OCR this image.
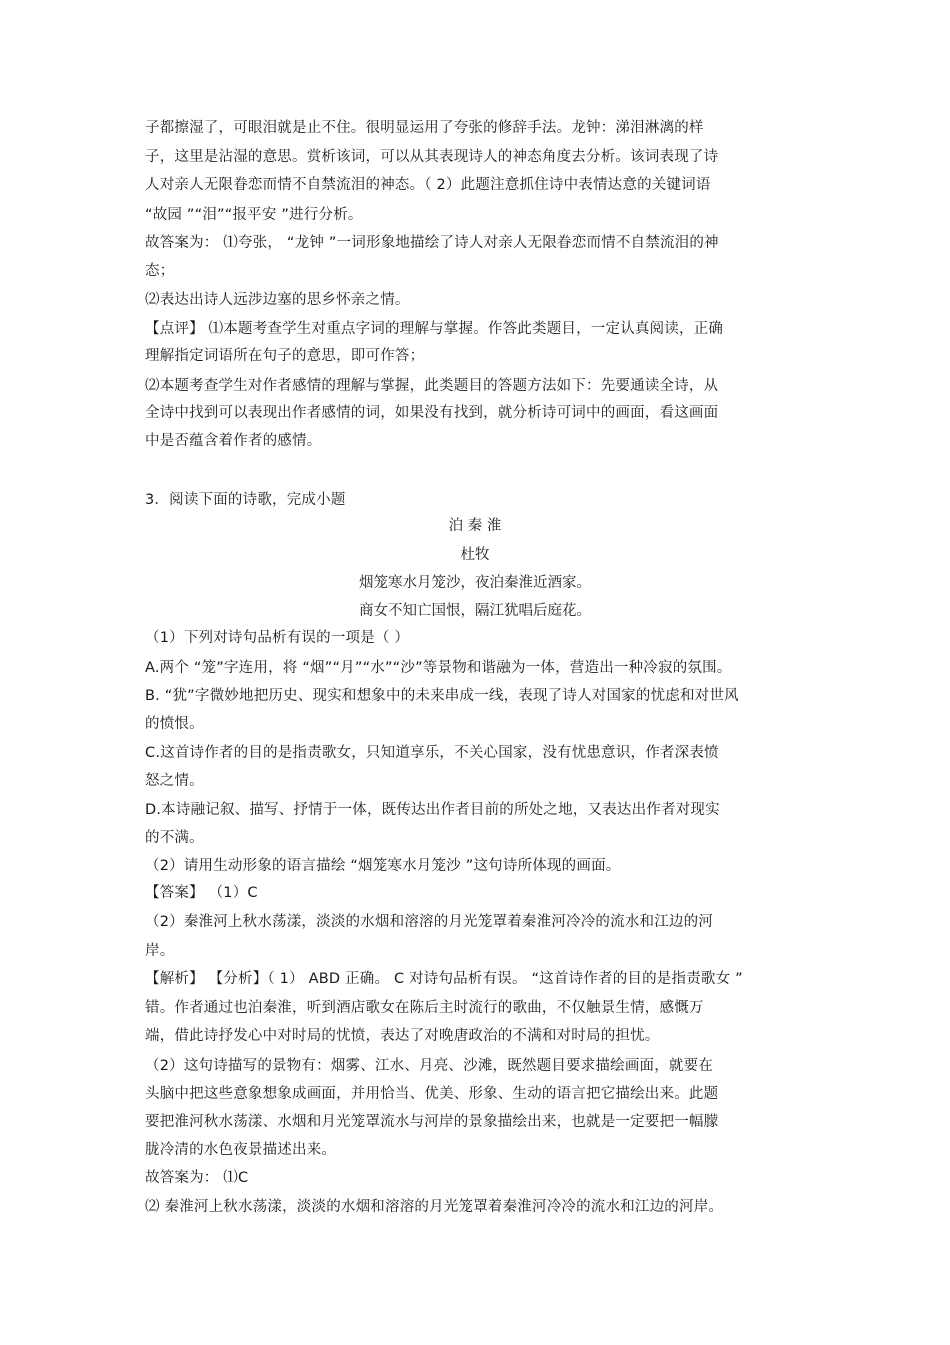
子都擦湿了，可眼泪就是止不住。很明显运用了夸张的修辞手法。龙钟：涕泪淋漓的样
子，这里是沾湿的意思。赏析该词，可以从其表现诗人的神态角度去分析。该词表现了诗
人对亲人无限眷恋而情不自禁流泪的神态。（ 2）此题注意抓住诗中表情达意的关键词语
“故园 ”“泪”“报平安 ”进行分析。
故答案为： ⑴夸张， “龙钟 ”一词形象地描绘了诗人对亲人无限眷恋而情不自禁流泪的神
态；
⑵表达出诗人远涉边塞的思乡怀亲之情。
【点评】 ⑴本题考查学生对重点字词的理解与掌握。作答此类题目，一定认真阅读，正确
理解指定词语所在句子的意思，即可作答；
⑵本题考查学生对作者感情的理解与掌握，此类题目的答题方法如下：先要通读全诗，从
全诗中找到可以表现出作者感情的词，如果没有找到，就分析诗可词中的画面，看这画面
中是否蕴含着作者的感情。
3．阅读下面的诗歌，完成小题
泊 秦 淮
杜牧
烟笼寒水月笼沙，夜泊秦淮近酒家。
商女不知亡国恨，隔江犹唱后庭花。
（1）下列对诗句品析有误的一项是（ ）
A.两个 “笼”字连用，将 “烟”“月”“水”“沙”等景物和谐融为一体，营造出一种冷寂的氛围。
B. “犹”字微妙地把历史、现实和想象中的未来串成一线，表现了诗人对国家的忧虑和对世风
的愤恨。
C.这首诗作者的目的是指责歌女，只知道享乐，不关心国家，没有忧患意识，作者深表愤
怒之情。
D.本诗融记叙、描写、抒情于一体，既传达出作者目前的所处之地，又表达出作者对现实
的不满。
（2）请用生动形象的语言描绘 “烟笼寒水月笼沙 ”这句诗所体现的画面。
【答案】 （1）C
（2）秦淮河上秋水荡漾，淡淡的水烟和溶溶的月光笼罩着秦淮河冷冷的流水和江边的河
岸。
【解析】 【分析】（ 1） ABD 正确。 C 对诗句品析有误。 “这首诗作者的目的是指责歌女 ”
错。作者通过也泊秦淮，听到酒店歌女在陈后主时流行的歌曲，不仅触景生情，感慨万
端，借此诗抒发心中对时局的忧愤，表达了对晚唐政治的不满和对时局的担忧。
（2）这句诗描写的景物有：烟雾、江水、月亮、沙滩，既然题目要求描绘画面，就要在
头脑中把这些意象想象成画面，并用恰当、优美、形象、生动的语言把它描绘出来。此题
要把淮河秋水荡漾、水烟和月光笼罩流水与河岸的景象描绘出来，也就是一定要把一幅朦
胧冷清的水色夜景描述出来。
故答案为： ⑴C
⑵ 秦淮河上秋水荡漾，淡淡的水烟和溶溶的月光笼罩着秦淮河冷冷的流水和江边的河岸。
